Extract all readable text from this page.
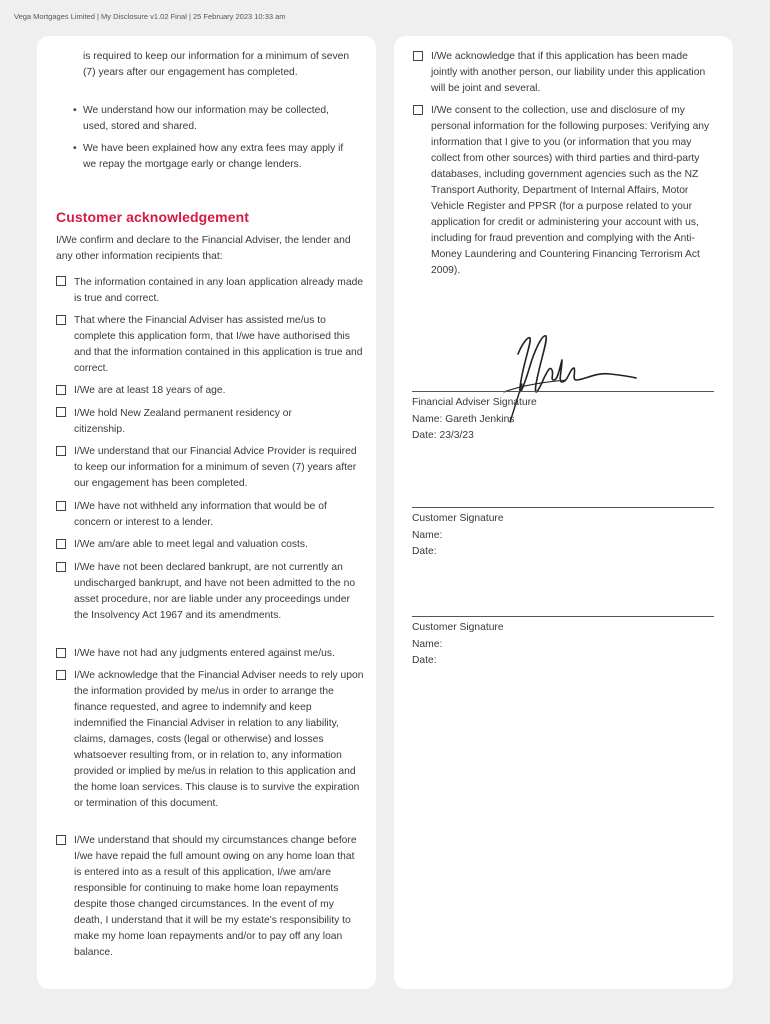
Vega Mortgages Limited | My Disclosure v1.02 Final | 25 February 2023 10:33 am
is required to keep our information for a minimum of seven (7) years after our engagement has completed.
• We understand how our information may be collected, used, stored and shared.
• We have been explained how any extra fees may apply if we repay the mortgage early or change lenders.
Customer acknowledgement
I/We confirm and declare to the Financial Adviser, the lender and any other information recipients that:
The information contained in any loan application already made is true and correct.
That where the Financial Adviser has assisted me/us to complete this application form, that I/we have authorised this and that the information contained in this application is true and correct.
I/We are at least 18 years of age.
I/We hold New Zealand permanent residency or citizenship.
I/We understand that our Financial Advice Provider is required to keep our information for a minimum of seven (7) years after our engagement has been completed.
I/We have not withheld any information that would be of concern or interest to a lender.
I/We am/are able to meet legal and valuation costs.
I/We have not been declared bankrupt, are not currently an undischarged bankrupt, and have not been admitted to the no asset procedure, nor are liable under any proceedings under the Insolvency Act 1967 and its amendments.
I/We have not had any judgments entered against me/us.
I/We acknowledge that the Financial Adviser needs to rely upon the information provided by me/us in order to arrange the finance requested, and agree to indemnify and keep indemnified the Financial Adviser in relation to any liability, claims, damages, costs (legal or otherwise) and losses whatsoever resulting from, or in relation to, any information provided or implied by me/us in relation to this application and the home loan services. This clause is to survive the expiration or termination of this document.
I/We understand that should my circumstances change before I/we have repaid the full amount owing on any home loan that is entered into as a result of this application, I/we am/are responsible for continuing to make home loan repayments despite those changed circumstances. In the event of my death, I understand that it will be my estate's responsibility to make my home loan repayments and/or to pay off any loan balance.
I/We acknowledge that if this application has been made jointly with another person, our liability under this application will be joint and several.
I/We consent to the collection, use and disclosure of my personal information for the following purposes: Verifying any information that I give to you (or information that you may collect from other sources) with third parties and third-party databases, including government agencies such as the NZ Transport Authority, Department of Internal Affairs, Motor Vehicle Register and PPSR (for a purpose related to your application for credit or administering your account with us, including for fraud prevention and complying with the Anti-Money Laundering and Countering Financing Terrorism Act 2009).
Financial Adviser Signature
Name: Gareth Jenkins
Date: 23/3/23
Customer Signature
Name:
Date:
Customer Signature
Name:
Date:
